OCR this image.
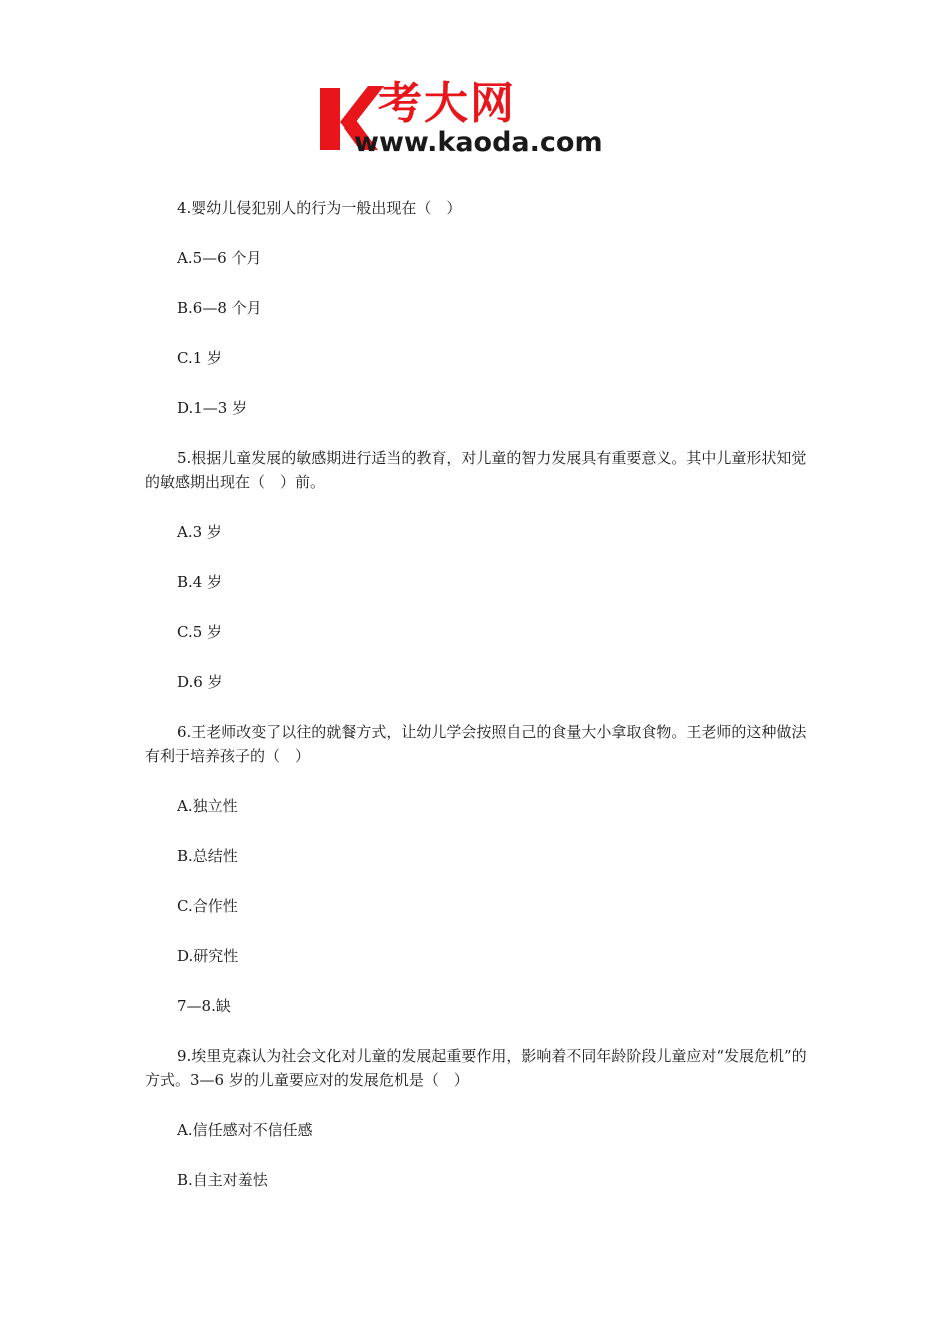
考大网
www.kaoda.com

4.婴幼儿侵犯别人的行为一般出现在（　）

A.5—6 个月

B.6—8 个月

C.1 岁

D.1—3 岁

5.根据儿童发展的敏感期进行适当的教育，对儿童的智力发展具有重要意义。其中儿童形状知觉的敏感期出现在（　）前。

A.3 岁

B.4 岁

C.5 岁

D.6 岁

6.王老师改变了以往的就餐方式，让幼儿学会按照自己的食量大小拿取食物。王老师的这种做法有利于培养孩子的（　）

A.独立性

B.总结性

C.合作性

D.研究性

7—8.缺

9.埃里克森认为社会文化对儿童的发展起重要作用，影响着不同年龄阶段儿童应对“发展危机”的方式。3—6 岁的儿童要应对的发展危机是（　）

A.信任感对不信任感

B.自主对羞怯
